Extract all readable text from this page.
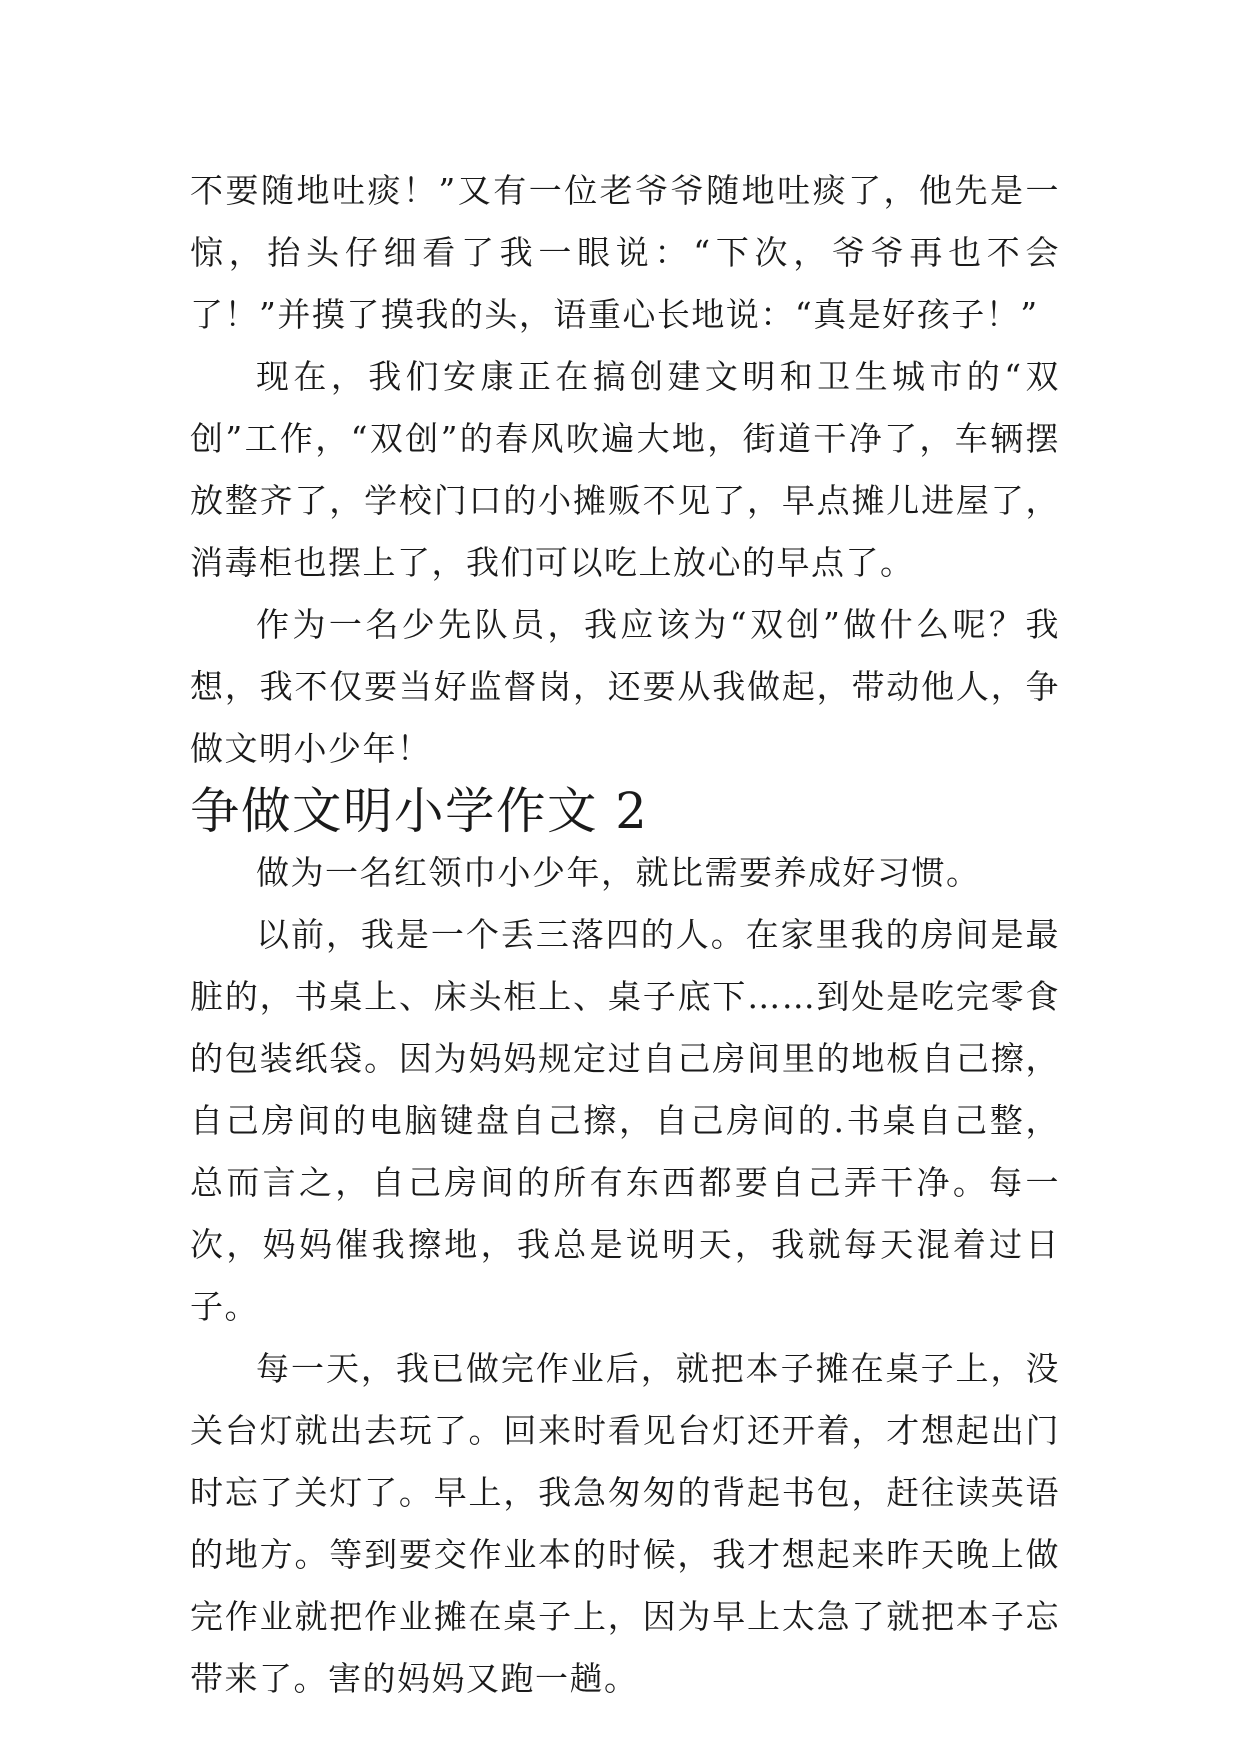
不要随地吐痰！”又有一位老爷爷随地吐痰了，他先是一惊，抬头仔细看了我一眼说：“下次，爷爷再也不会了！”并摸了摸我的头，语重心长地说：“真是好孩子！”

现在，我们安康正在搞创建文明和卫生城市的“双创”工作，“双创”的春风吹遍大地，街道干净了，车辆摆放整齐了，学校门口的小摊贩不见了，早点摊儿进屋了，消毒柜也摆上了，我们可以吃上放心的早点了。

作为一名少先队员，我应该为“双创”做什么呢？我想，我不仅要当好监督岗，还要从我做起，带动他人，争做文明小少年！

争做文明小学作文 2

做为一名红领巾小少年，就比需要养成好习惯。

以前，我是一个丢三落四的人。在家里我的房间是最脏的，书桌上、床头柜上、桌子底下……到处是吃完零食的包装纸袋。因为妈妈规定过自己房间里的地板自己擦，自己房间的电脑键盘自己擦，自己房间的.书桌自己整，总而言之，自己房间的所有东西都要自己弄干净。每一次，妈妈催我擦地，我总是说明天，我就每天混着过日子。

每一天，我已做完作业后，就把本子摊在桌子上，没关台灯就出去玩了。回来时看见台灯还开着，才想起出门时忘了关灯了。早上，我急匆匆的背起书包，赶往读英语的地方。等到要交作业本的时候，我才想起来昨天晚上做完作业就把作业摊在桌子上，因为早上太急了就把本子忘带来了。害的妈妈又跑一趟。
